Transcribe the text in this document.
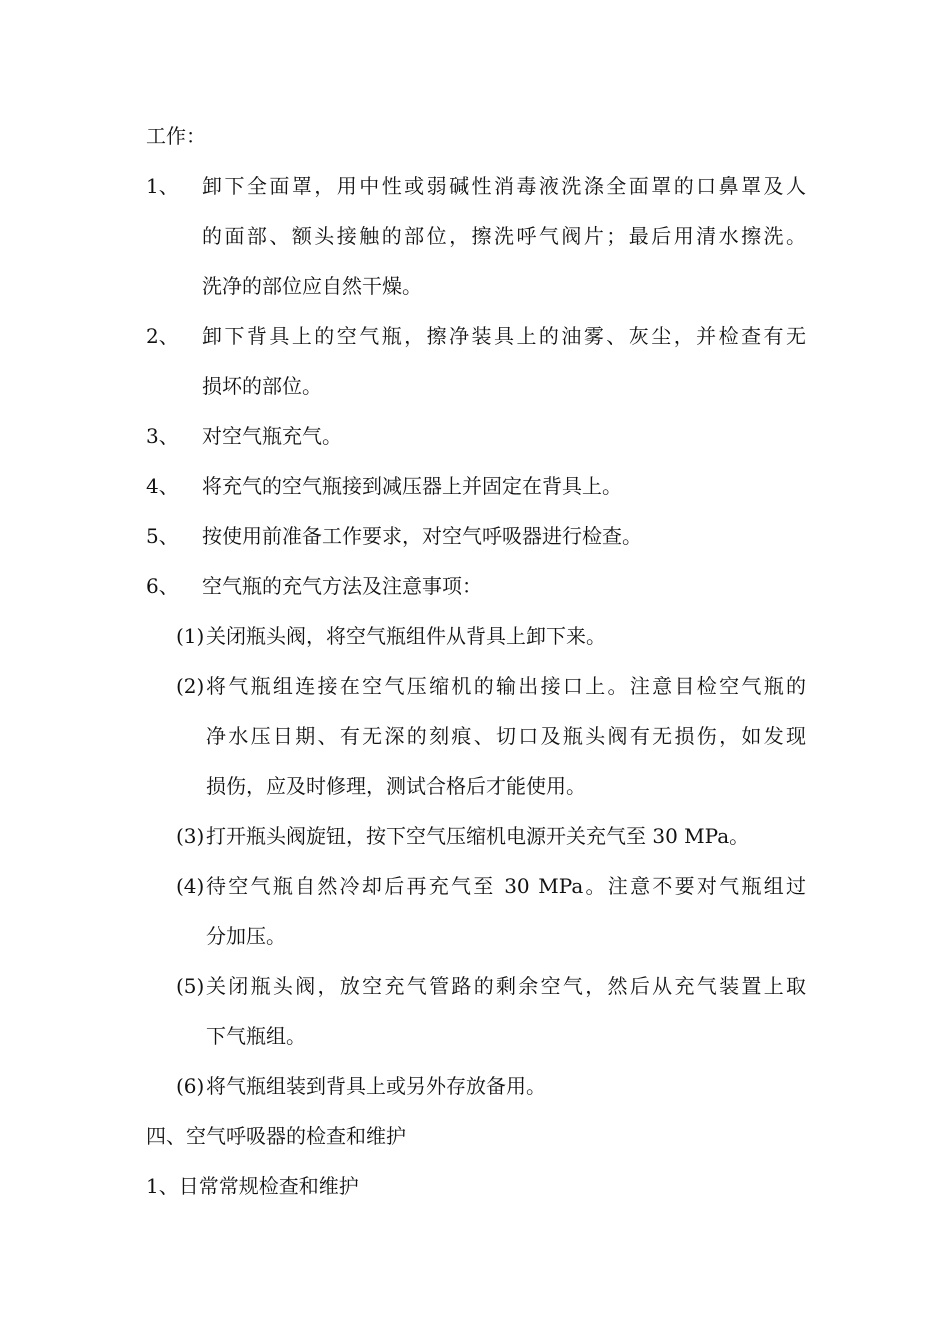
工作：
1、 卸下全面罩，用中性或弱碱性消毒液洗涤全面罩的口鼻罩及人
的面部、额头接触的部位，擦洗呼气阀片；最后用清水擦洗。
洗净的部位应自然干燥。
2、 卸下背具上的空气瓶，擦净装具上的油雾、灰尘，并检查有无
损坏的部位。
3、 对空气瓶充气。
4、 将充气的空气瓶接到减压器上并固定在背具上。
5、 按使用前准备工作要求，对空气呼吸器进行检查。
6、 空气瓶的充气方法及注意事项：
(1) 关闭瓶头阀，将空气瓶组件从背具上卸下来。
(2) 将气瓶组连接在空气压缩机的输出接口上。注意目检空气瓶的
净水压日期、有无深的刻痕、切口及瓶头阀有无损伤，如发现
损伤，应及时修理，测试合格后才能使用。
(3) 打开瓶头阀旋钮，按下空气压缩机电源开关充气至 30 MPa。
(4) 待空气瓶自然冷却后再充气至 30 MPa。注意不要对气瓶组过
分加压。
(5) 关闭瓶头阀，放空充气管路的剩余空气，然后从充气装置上取
下气瓶组。
(6) 将气瓶组装到背具上或另外存放备用。
四、空气呼吸器的检查和维护
1、日常常规检查和维护
